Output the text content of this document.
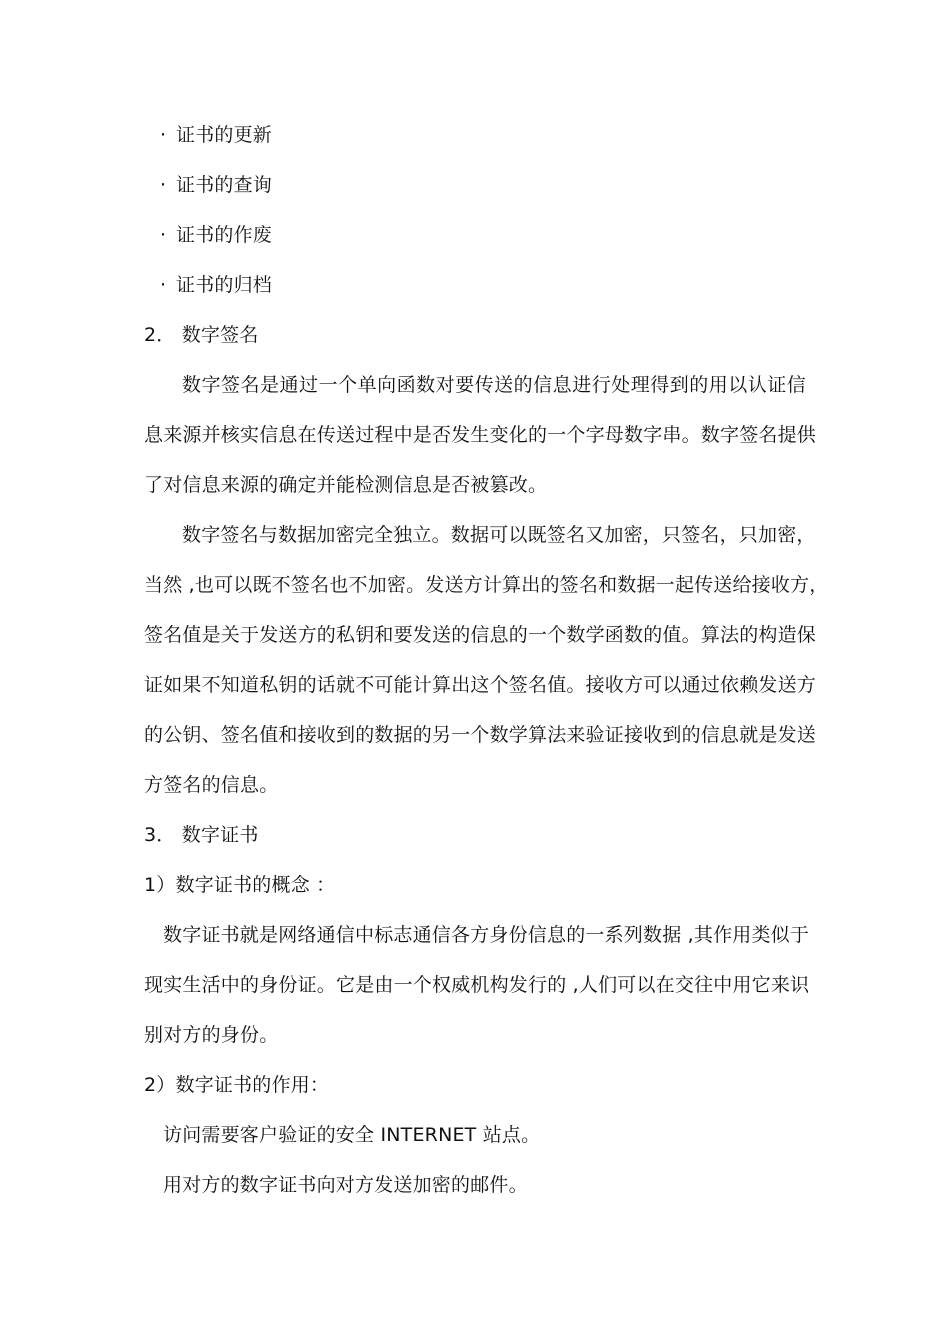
· 证书的更新
· 证书的查询
· 证书的作废
· 证书的归档
2． 数字签名
数字签名是通过一个单向函数对要传送的信息进行处理得到的用以认证信
息来源并核实信息在传送过程中是否发生变化的一个字母数字串。数字签名提供
了对信息来源的确定并能检测信息是否被篡改。
数字签名与数据加密完全独立。数据可以既签名又加密，只签名，只加密，
当然 ,也可以既不签名也不加密。发送方计算出的签名和数据一起传送给接收方，
签名值是关于发送方的私钥和要发送的信息的一个数学函数的值。算法的构造保
证如果不知道私钥的话就不可能计算出这个签名值。接收方可以通过依赖发送方
的公钥、签名值和接收到的数据的另一个数学算法来验证接收到的信息就是发送
方签名的信息。
3． 数字证书
1）数字证书的概念 ：
数字证书就是网络通信中标志通信各方身份信息的一系列数据 ,其作用类似于
现实生活中的身份证。它是由一个权威机构发行的 ,人们可以在交往中用它来识
别对方的身份。
2）数字证书的作用：
访问需要客户验证的安全 INTERNET 站点。
用对方的数字证书向对方发送加密的邮件。
